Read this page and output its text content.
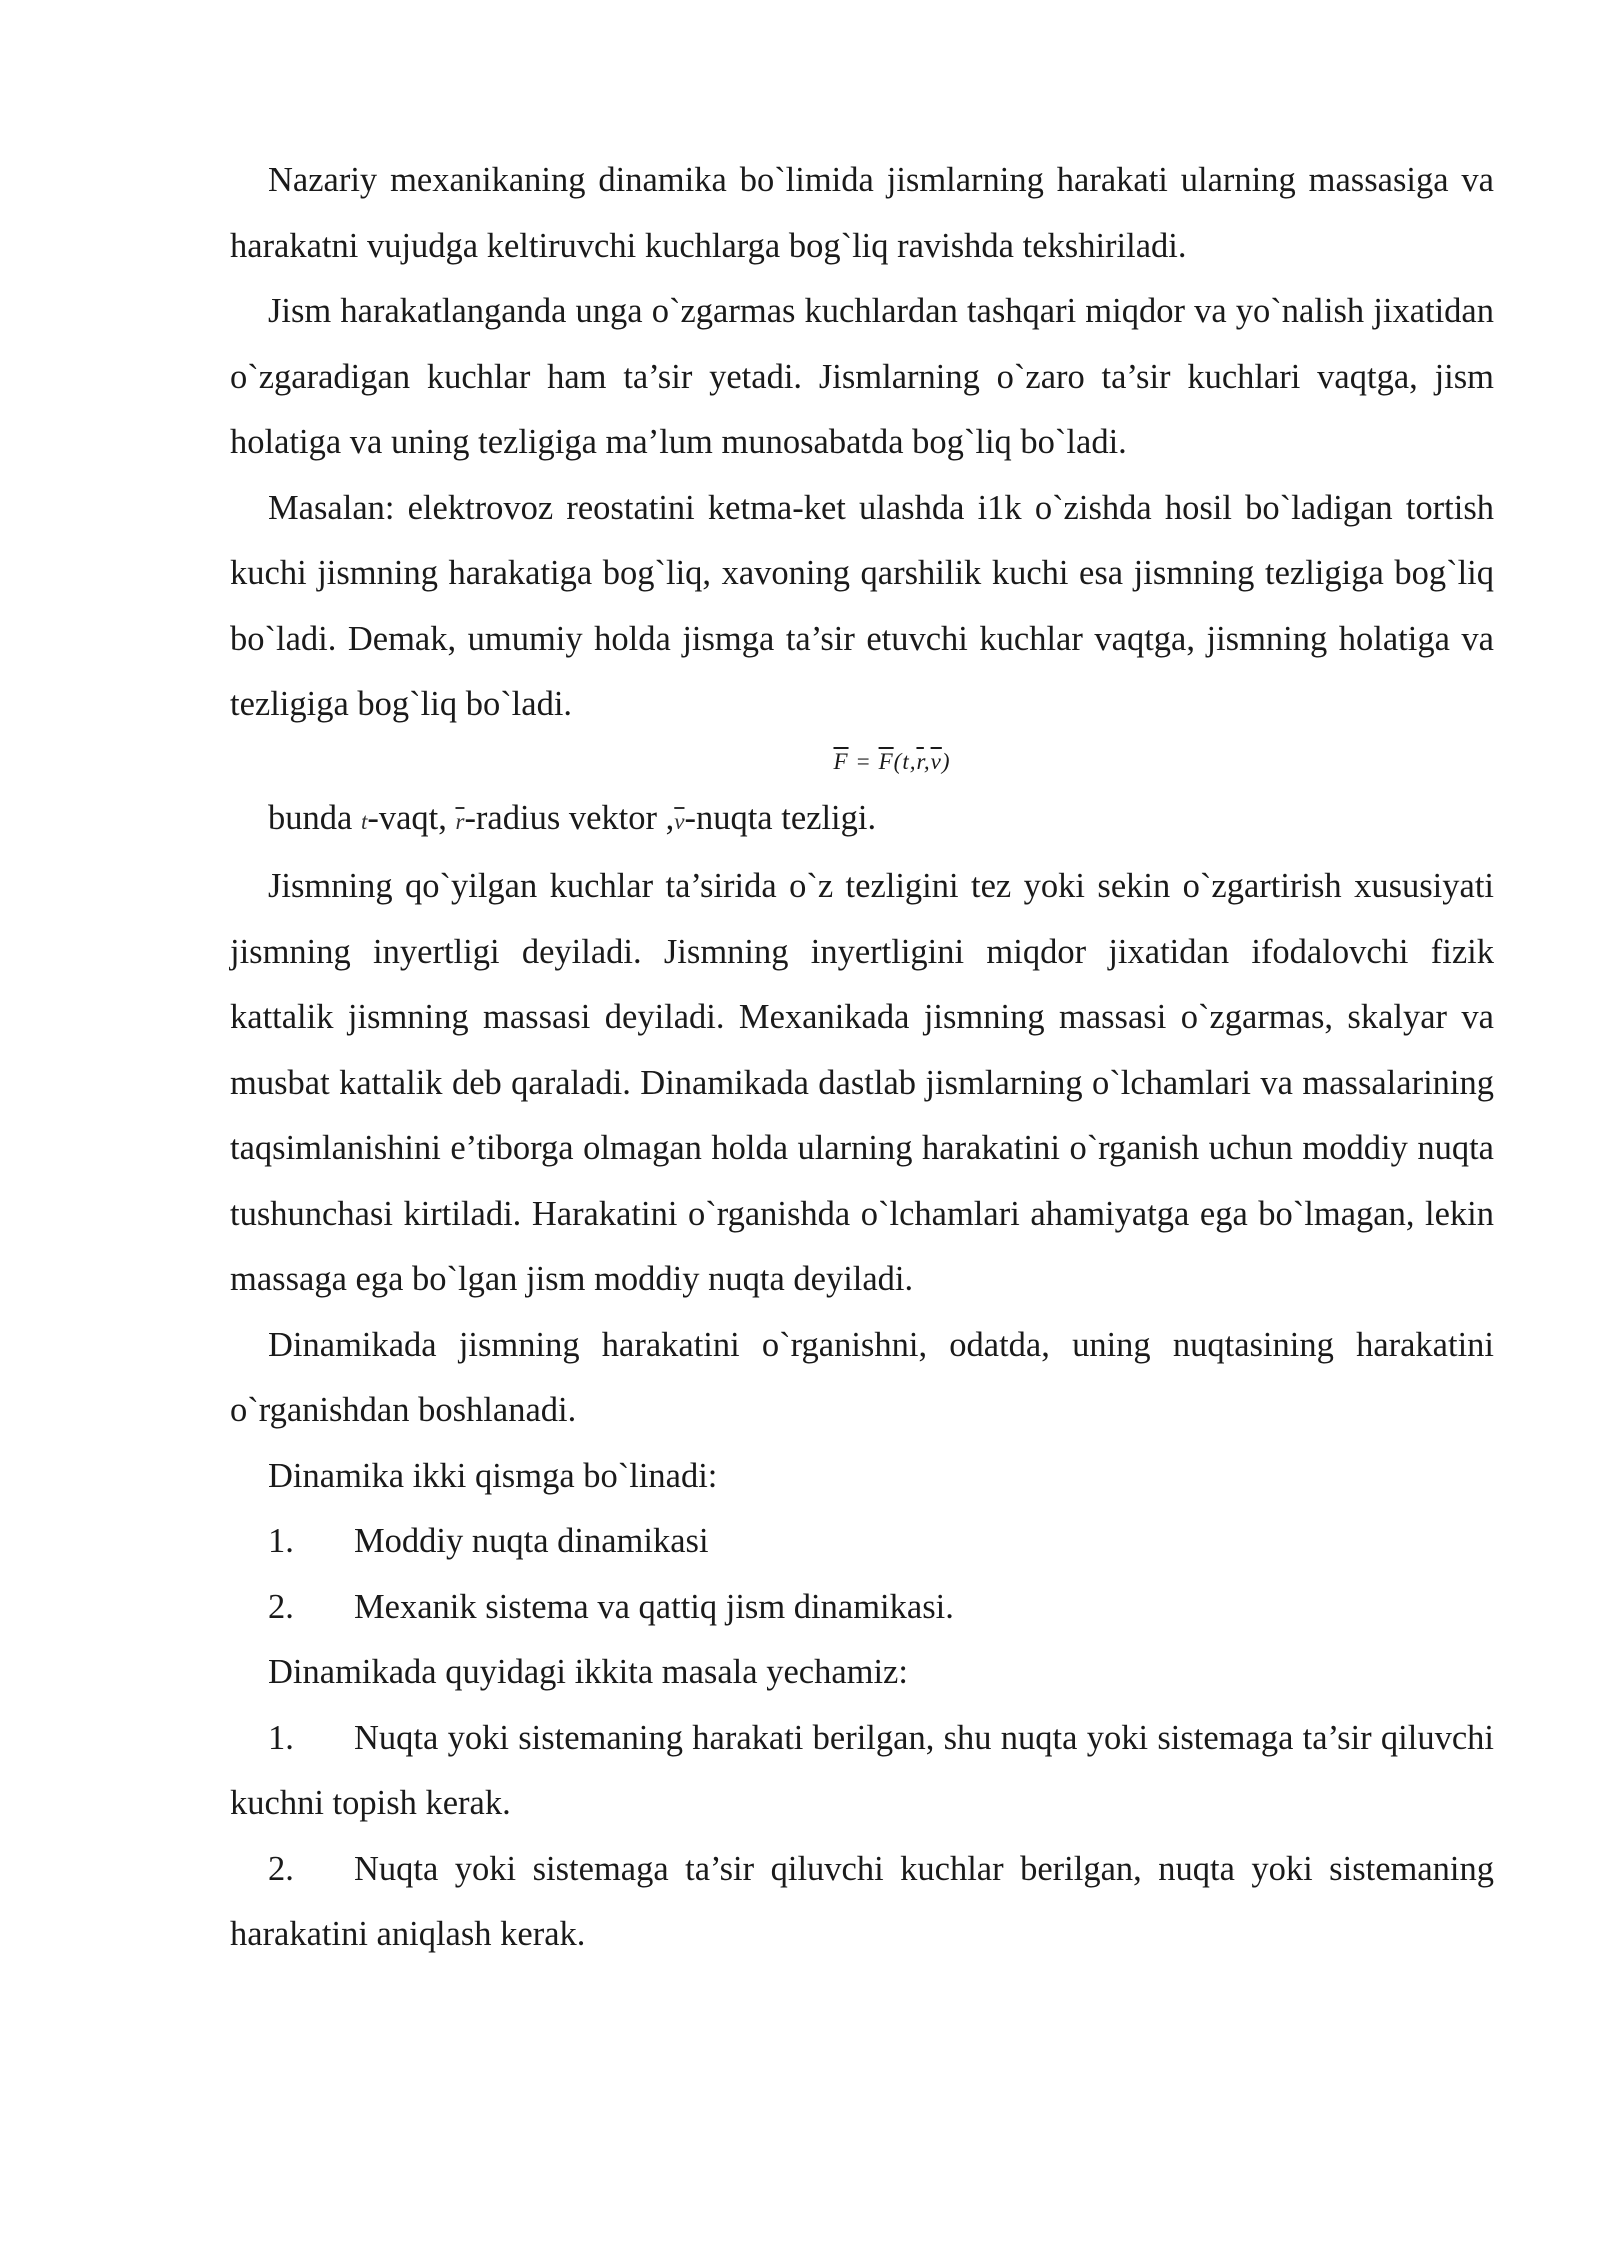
Nazariy mexanikaning dinamika bo`limida jismlarning harakati ularning massasiga va harakatni vujudga keltiruvchi kuchlarga bog`liq ravishda tekshiriladi.

Jism harakatlanganda unga o`zgarmas kuchlardan tashqari miqdor va yo`nalish jixatidan o`zgaradigan kuchlar ham ta’sir yetadi. Jismlarning o`zaro ta’sir kuchlari vaqtga, jism holatiga va uning tezligiga ma’lum munosabatda bog`liq bo`ladi.

Masalan: elektrovoz reostatini ketma-ket ulashda i1k o`zishda hosil bo`ladigan tortish kuchi jismning harakatiga bog`liq, xavoning qarshilik kuchi esa jismning tezligiga bog`liq bo`ladi. Demak, umumiy holda jismga ta’sir etuvchi kuchlar vaqtga, jismning holatiga va tezligiga bog`liq bo`ladi.

$\overline{F} = \overline{F}(t,\overline{r},\overline{v})$

bunda t-vaqt, $\overline{r}$-radius vektor $,\overline{v}$-nuqta tezligi.

Jismning qo`yilgan kuchlar ta’sirida o`z tezligini tez yoki sekin o`zgartirish xususiyati jismning inyertligi deyiladi. Jismning inyertligini miqdor jixatidan ifodalovchi fizik kattalik jismning massasi deyiladi. Mexanikada jismning massasi o`zgarmas, skalyar va musbat kattalik deb qaraladi. Dinamikada dastlab jismlarning o`lchamlari va massalarining taqsimlanishini e’tiborga olmagan holda ularning harakatini o`rganish uchun moddiy nuqta tushunchasi kirtiladi. Harakatini o`rganishda o`lchamlari ahamiyatga ega bo`lmagan, lekin massaga ega bo`lgan jism moddiy nuqta deyiladi.

Dinamikada jismning harakatini o`rganishni, odatda, uning nuqtasining harakatini o`rganishdan boshlanadi.

Dinamika ikki qismga bo`linadi:

1. Moddiy nuqta dinamikasi

2. Mexanik sistema va qattiq jism dinamikasi.

Dinamikada quyidagi ikkita masala yechamiz:

1. Nuqta yoki sistemaning harakati berilgan, shu nuqta yoki sistemaga ta’sir qiluvchi kuchni topish kerak.

2. Nuqta yoki sistemaga ta’sir qiluvchi kuchlar berilgan, nuqta yoki sistemaning harakatini aniqlash kerak.
